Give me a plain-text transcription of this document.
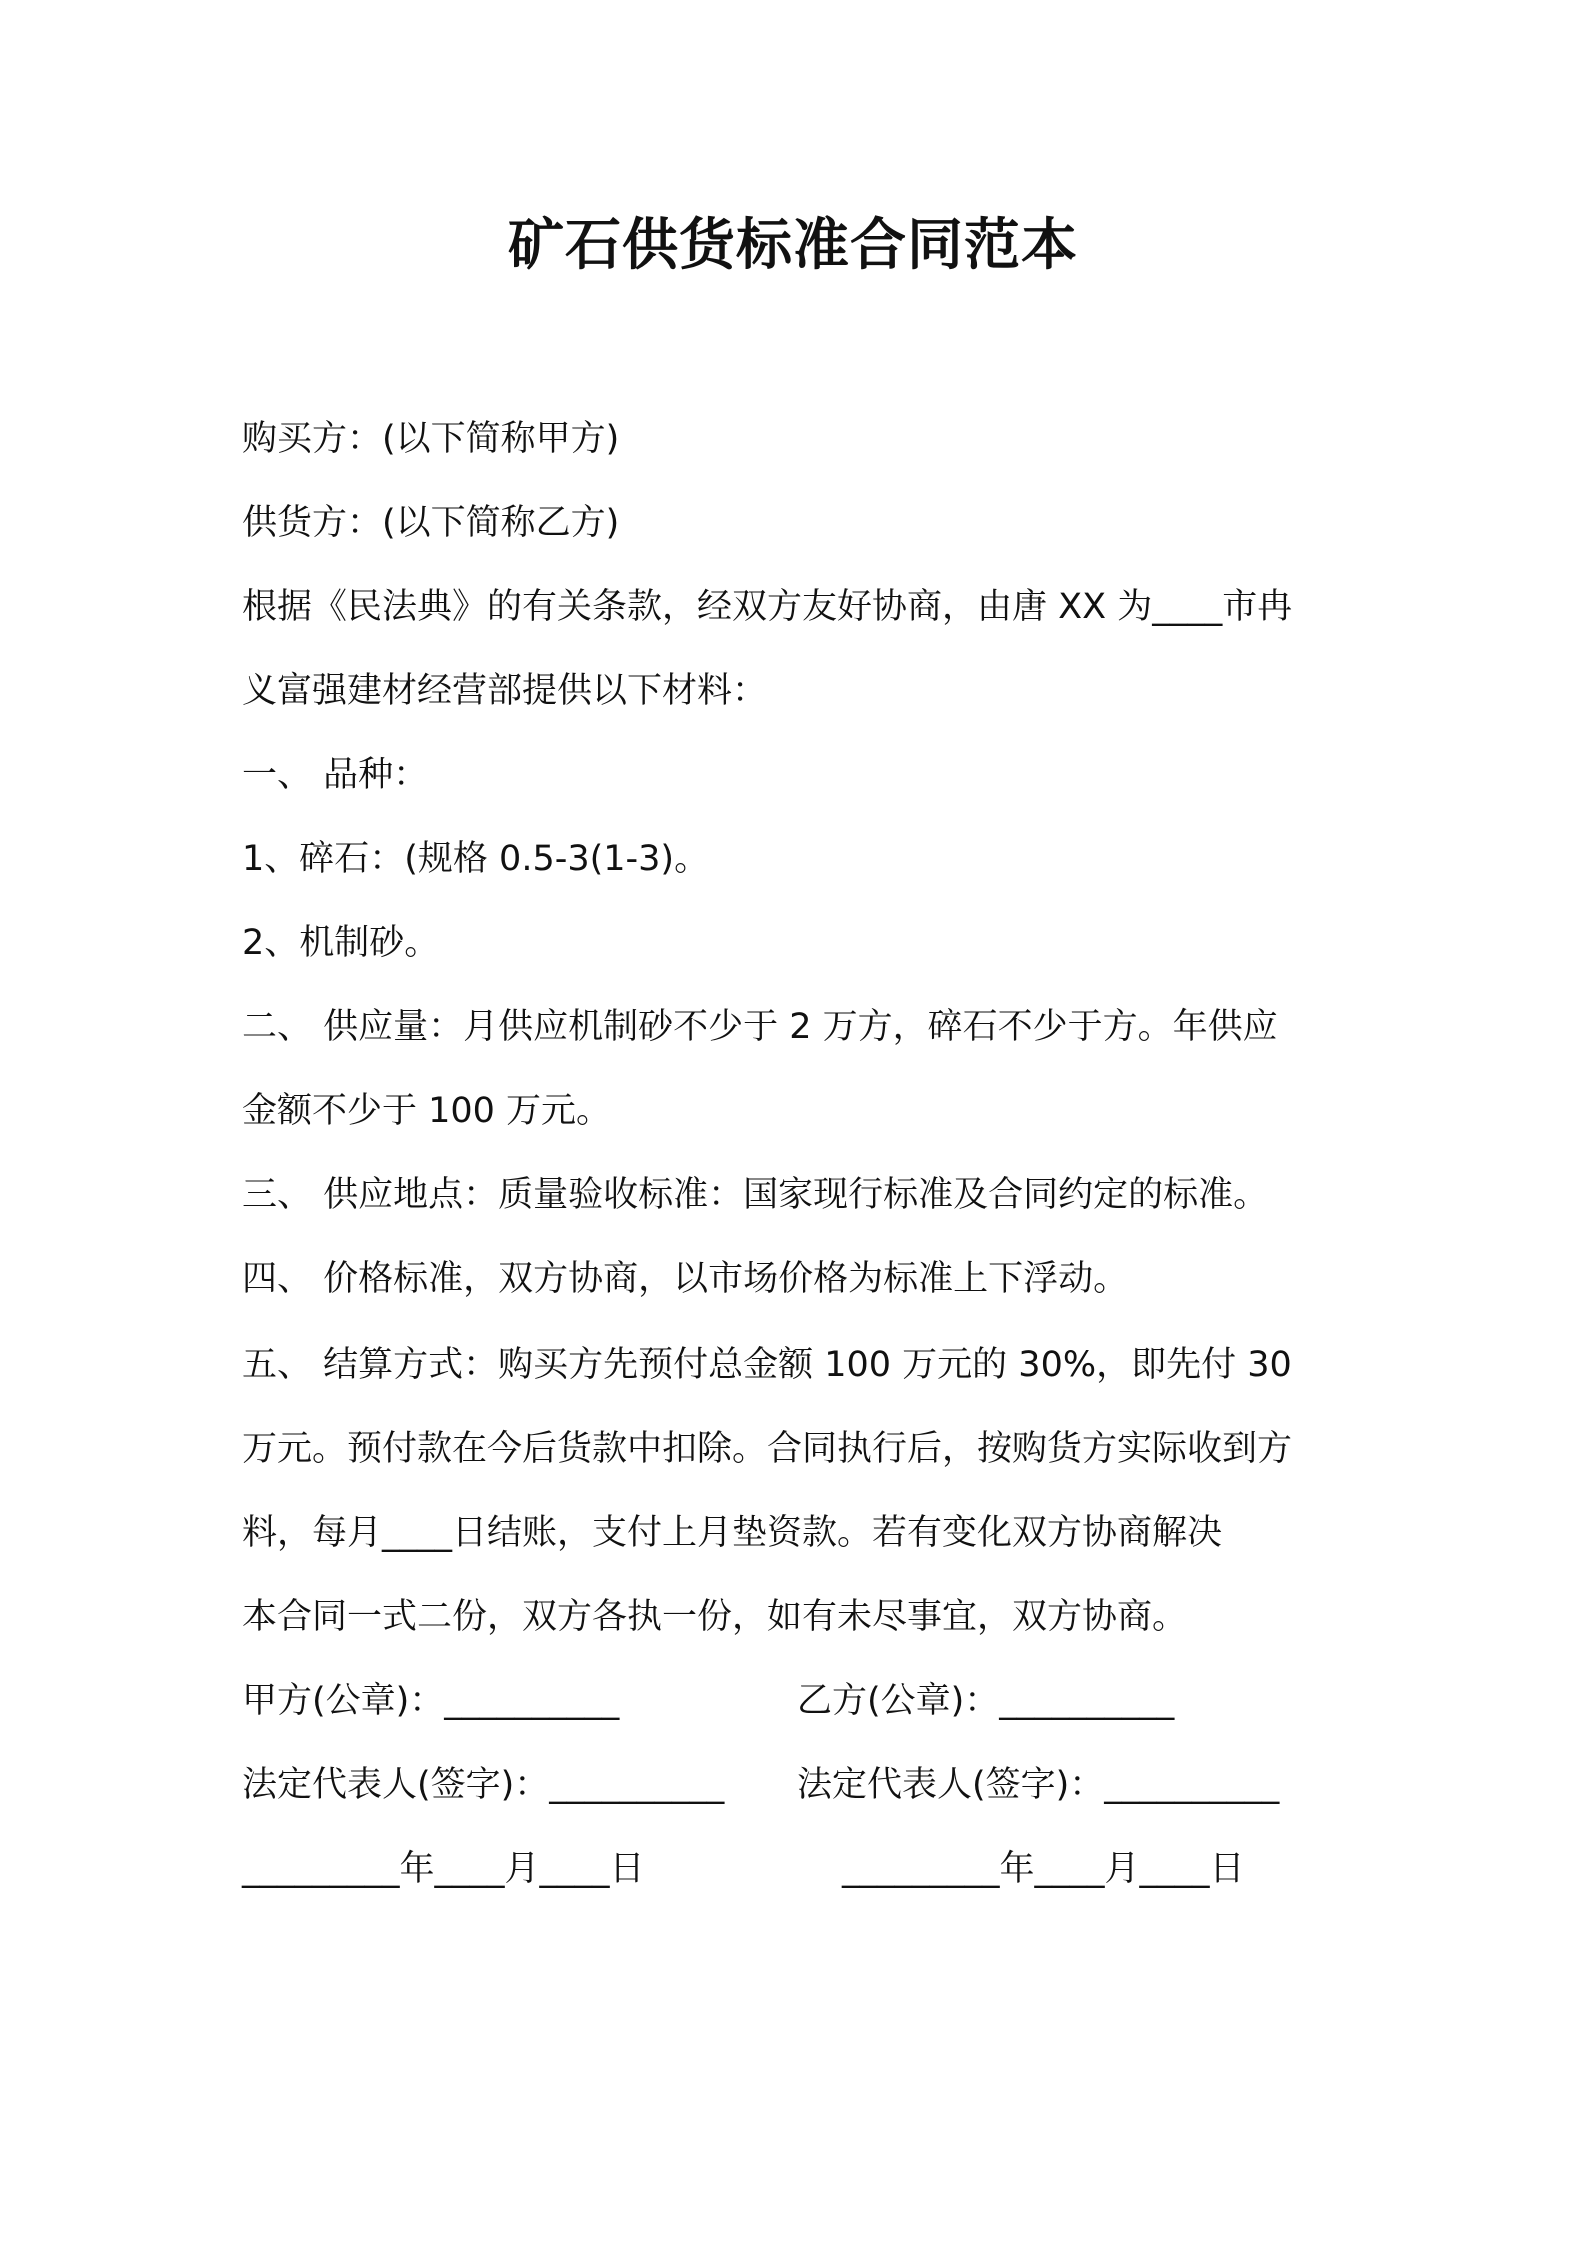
矿石供货标准合同范本
购买方：(以下简称甲方)
供货方：(以下简称乙方)
根据《民法典》的有关条款，经双方友好协商，由唐 XX 为____市冉
义富强建材经营部提供以下材料：
一、 品种：
1、碎石：(规格 0.5-3(1-3)。
2、机制砂。
二、 供应量：月供应机制砂不少于 2 万方，碎石不少于方。年供应
金额不少于 100 万元。
三、 供应地点：质量验收标准：国家现行标准及合同约定的标准。
四、 价格标准，双方协商，以市场价格为标准上下浮动。
五、 结算方式：购买方先预付总金额 100 万元的 30%，即先付 30
万元。预付款在今后货款中扣除。合同执行后，按购货方实际收到方
料，每月____日结账，支付上月垫资款。若有变化双方协商解决
本合同一式二份，双方各执一份，如有未尽事宜，双方协商。
甲方(公章)：__________	乙方(公章)：__________
法定代表人(签字)：__________ 法定代表人(签字)：__________
_________年____月____日	_________年____月____日
